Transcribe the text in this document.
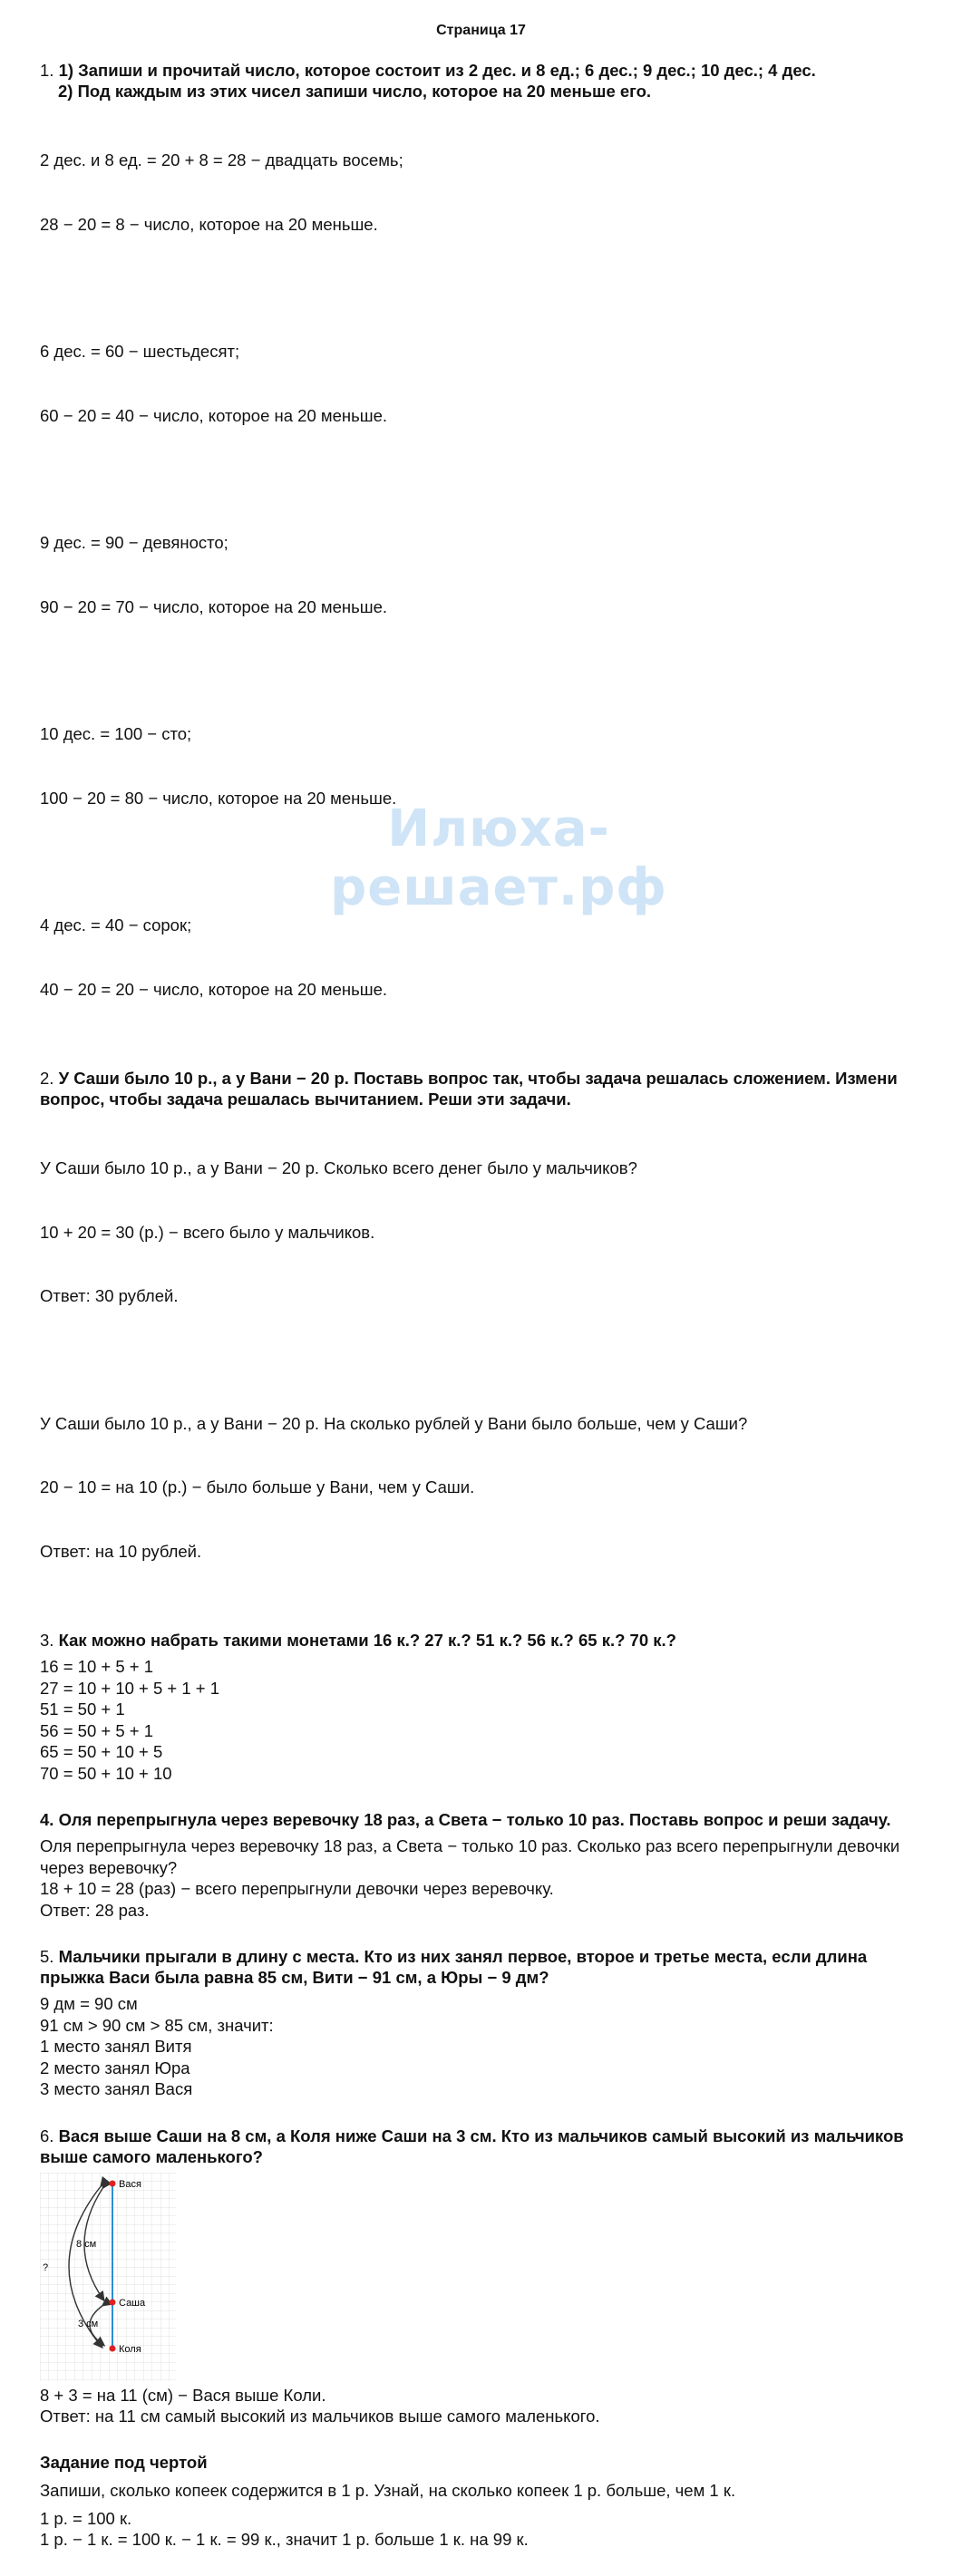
Страница 17
Илюха-решает.рф
1. 1) Запиши и прочитай число, которое состоит из 2 дес. и 8 ед.; 6 дес.; 9 дес.; 10 дес.; 4 дес.
2) Под каждым из этих чисел запиши число, которое на 20 меньше его.

2 дес. и 8 ед. = 20 + 8 = 28 − двадцать восемь;

28 − 20 = 8 − число, которое на 20 меньше.

6 дес. = 60 − шестьдесят;

60 − 20 = 40 − число, которое на 20 меньше.

9 дес. = 90 − девяносто;

90 − 20 = 70 − число, которое на 20 меньше.

10 дес. = 100 − сто;

100 − 20 = 80 − число, которое на 20 меньше.

4 дес. = 40 − сорок;

40 − 20 = 20 − число, которое на 20 меньше.

2. У Саши было 10 р., а у Вани − 20 р. Поставь вопрос так, чтобы задача решалась сложением. Измени вопрос, чтобы задача решалась вычитанием. Реши эти задачи.

У Саши было 10 р., а у Вани − 20 р. Сколько всего денег было у мальчиков?

10 + 20 = 30 (р.) − всего было у мальчиков.

Ответ: 30 рублей.

У Саши было 10 р., а у Вани − 20 р. На сколько рублей у Вани было больше, чем у Саши?

20 − 10 = на 10 (р.) − было больше у Вани, чем у Саши.

Ответ: на 10 рублей.

3. Как можно набрать такими монетами 16 к.? 27 к.? 51 к.? 56 к.? 65 к.? 70 к.?
16 = 10 + 5 + 1
27 = 10 + 10 + 5 + 1 + 1
51 = 50 + 1
56 = 50 + 5 + 1
65 = 50 + 10 + 5
70 = 50 + 10 + 10
4. Оля перепрыгнула через веревочку 18 раз, а Света − только 10 раз. Поставь вопрос и реши задачу.
Оля перепрыгнула через веревочку 18 раз, а Света − только 10 раз. Сколько раз всего перепрыгнули девочки через веревочку?
18 + 10 = 28 (раз) − всего перепрыгнули девочки через веревочку.
Ответ: 28 раз.
5. Мальчики прыгали в длину с места. Кто из них занял первое, второе и третье места, если длина прыжка Васи была равна 85 см, Вити − 91 см, а Юры − 9 дм?
9 дм = 90 см
91 см > 90 см > 85 см, значит:
1 место занял Витя
2 место занял Юра
3 место занял Вася
6. Вася выше Саши на 8 см, а Коля ниже Саши на 3 см. Кто из мальчиков самый высокий из мальчиков выше самого маленького?
Вася
Саша
Коля
8 см
3 см
?
8 + 3 = на 11 (см) − Вася выше Коли.
Ответ: на 11 см самый высокий из мальчиков выше самого маленького.
Задание под чертой
Запиши, сколько копеек содержится в 1 р. Узнай, на сколько копеек 1 р. больше, чем 1 к.
1 р. = 100 к.
1 р. − 1 к. = 100 к. − 1 к. = 99 к., значит 1 р. больше 1 к. на 99 к.
